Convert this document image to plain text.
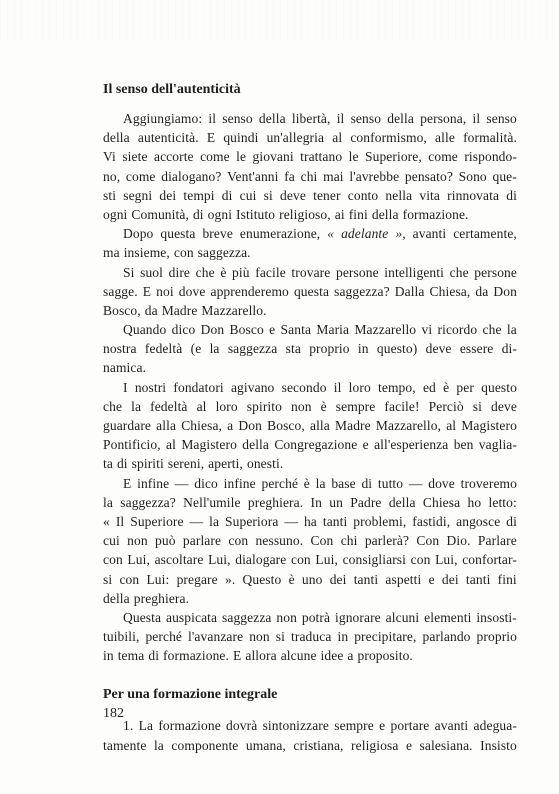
Il senso dell'autenticità
Aggiungiamo: il senso della libertà, il senso della persona, il senso
della autenticità. E quindi un'allegria al conformismo, alle formalità.
Vi siete accorte come le giovani trattano le Superiore, come rispondo-
no, come dialogano? Vent'anni fa chi mai l'avrebbe pensato? Sono que-
sti segni dei tempi di cui si deve tener conto nella vita rinnovata di
ogni Comunità, di ogni Istituto religioso, ai fini della formazione.
Dopo questa breve enumerazione, « adelante », avanti certamente,
ma insieme, con saggezza.
Si suol dire che è più facile trovare persone intelligenti che persone
sagge. E noi dove apprenderemo questa saggezza? Dalla Chiesa, da Don
Bosco, da Madre Mazzarello.
Quando dico Don Bosco e Santa Maria Mazzarello vi ricordo che la
nostra fedeltà (e la saggezza sta proprio in questo) deve essere di-
namica.
I nostri fondatori agivano secondo il loro tempo, ed è per questo
che la fedeltà al loro spirito non è sempre facile! Perciò si deve
guardare alla Chiesa, a Don Bosco, alla Madre Mazzarello, al Magistero
Pontificio, al Magistero della Congregazione e all'esperienza ben vaglia-
ta di spiriti sereni, aperti, onesti.
E infine — dico infine perché è la base di tutto — dove troveremo
la saggezza? Nell'umile preghiera. In un Padre della Chiesa ho letto:
« Il Superiore — la Superiora — ha tanti problemi, fastidi, angosce di
cui non può parlare con nessuno. Con chi parlerà? Con Dio. Parlare
con Lui, ascoltare Lui, dialogare con Lui, consigliarsi con Lui, confortar-
si con Lui: pregare ». Questo è uno dei tanti aspetti e dei tanti fini
della preghiera.
Questa auspicata saggezza non potrà ignorare alcuni elementi insosti-
tuibili, perché l'avanzare non si traduca in precipitare, parlando proprio
in tema di formazione. E allora alcune idee a proposito.
Per una formazione integrale
1. La formazione dovrà sintonizzare sempre e portare avanti adegua-
tamente la componente umana, cristiana, religiosa e salesiana. Insisto
182
